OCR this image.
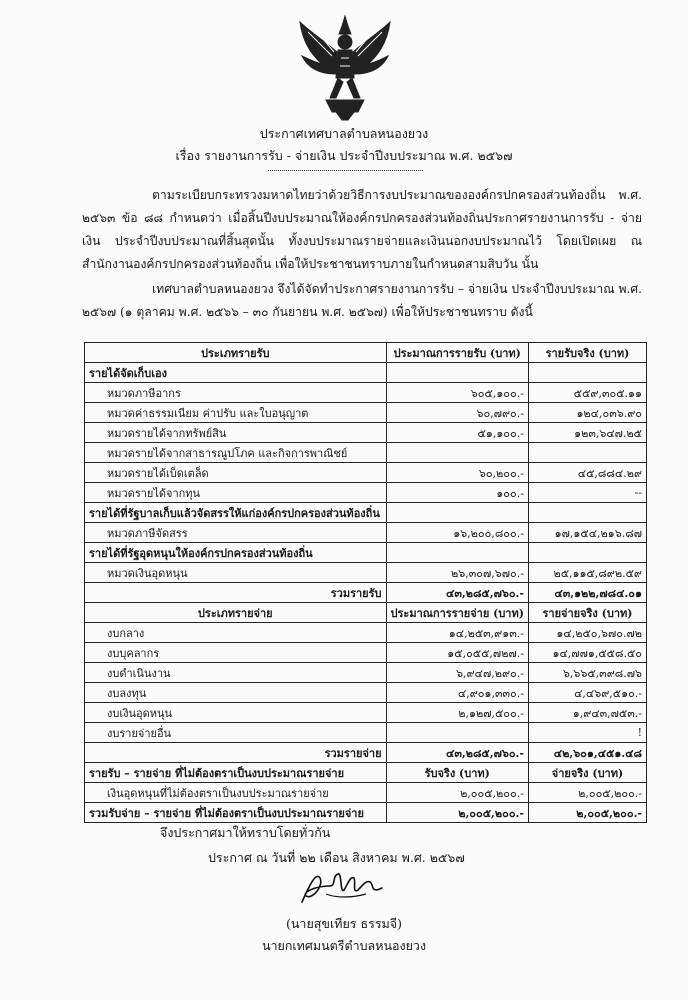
ประกาศเทศบาลตำบลหนองยวง
เรื่อง รายงานการรับ - จ่ายเงิน ประจำปีงบประมาณ พ.ศ. ๒๕๖๗
ตามระเบียบกระทรวงมหาดไทยว่าด้วยวิธีการงบประมาณขององค์กรปกครองส่วนท้องถิ่น พ.ศ. ๒๕๖๓ ข้อ ๘๘ กำหนดว่า เมื่อสิ้นปีงบประมาณให้องค์กรปกครองส่วนท้องถิ่นประกาศรายงานการรับ - จ่ายเงิน ประจำปีงบประมาณที่สิ้นสุดนั้น ทั้งงบประมาณรายจ่ายและเงินนอกงบประมาณไว้ โดยเปิดเผย ณ สำนักงานองค์กรปกครองส่วนท้องถิ่น เพื่อให้ประชาชนทราบภายในกำหนดสามสิบวัน นั้น
เทศบาลตำบลหนองยวง จึงได้จัดทำประกาศรายงานการรับ – จ่ายเงิน ประจำปีงบประมาณ พ.ศ. ๒๕๖๗ (๑ ตุลาคม พ.ศ. ๒๕๖๖ – ๓๐ กันยายน พ.ศ. ๒๕๖๗) เพื่อให้ประชาชนทราบ ดังนี้
ประเภทรายรับ	ประมาณการรายรับ (บาท)	รายรับจริง (บาท)
รายได้จัดเก็บเอง		
หมวดภาษีอากร	๖๐๕,๑๐๐.-	๕๕๙,๓๐๕.๑๑
หมวดค่าธรรมเนียม ค่าปรับ และใบอนุญาต	๖๐,๗๙๐.-	๑๒๔,๐๓๖.๙๐
หมวดรายได้จากทรัพย์สิน	๕๑,๑๐๐.-	๑๒๓,๖๔๗.๒๕
หมวดรายได้จากสาธารณูปโภค และกิจการพาณิชย์		
หมวดรายได้เบ็ดเตล็ด	๖๐,๒๐๐.-	๔๕,๘๘๔.๒๙
หมวดรายได้จากทุน	๑๐๐.-	--
รายได้ที่รัฐบาลเก็บแล้วจัดสรรให้แก่องค์กรปกครองส่วนท้องถิ่น		
หมวดภาษีจัดสรร	๑๖,๒๐๐,๘๐๐.-	๑๗,๑๕๔,๒๑๖.๘๗
รายได้ที่รัฐอุดหนุนให้องค์กรปกครองส่วนท้องถิ่น		
หมวดเงินอุดหนุน	๒๖,๓๐๗,๖๗๐.-	๒๕,๑๑๕,๘๙๒.๕๙
รวมรายรับ	๔๓,๒๘๕,๗๖๐.-	๔๓,๑๒๒,๗๘๔.๐๑
ประเภทรายจ่าย	ประมาณการรายจ่าย (บาท)	รายจ่ายจริง (บาท)
งบกลาง	๑๔,๒๕๓,๙๑๓.-	๑๔,๒๕๐,๖๗๐.๗๒
งบบุคลากร	๑๕,๐๕๕,๗๒๗.-	๑๔,๗๗๑,๕๕๘.๕๐
งบดำเนินงาน	๖,๙๔๗,๒๙๐.-	๖,๖๖๕,๓๙๘.๗๖
งบลงทุน	๔,๙๐๑,๓๓๐.-	๔,๔๖๙,๕๑๐.-
งบเงินอุดหนุน	๒,๑๒๗,๕๐๐.-	๑,๙๔๓,๗๕๓.-
งบรายจ่ายอื่น		!
รวมรายจ่าย	๔๓,๒๘๕,๗๖๐.-	๔๒,๖๐๑,๔๕๑.๔๘
รายรับ – รายจ่าย ที่ไม่ต้องตราเป็นงบประมาณรายจ่าย	รับจริง (บาท)	จ่ายจริง (บาท)
เงินอุดหนุนที่ไม่ต้องตราเป็นงบประมาณรายจ่าย	๒,๐๐๕,๒๐๐.-	๒,๐๐๕,๒๐๐.-
รวมรับจ่าย – รายจ่าย ที่ไม่ต้องตราเป็นงบประมาณรายจ่าย	๒,๐๐๕,๒๐๐.-	๒,๐๐๕,๒๐๐.-
จึงประกาศมาให้ทราบโดยทั่วกัน
ประกาศ ณ วันที่ ๒๒ เดือน สิงหาคม พ.ศ. ๒๕๖๗
(นายสุขเทียร ธรรมจี)
นายกเทศมนตรีตำบลหนองยวง
